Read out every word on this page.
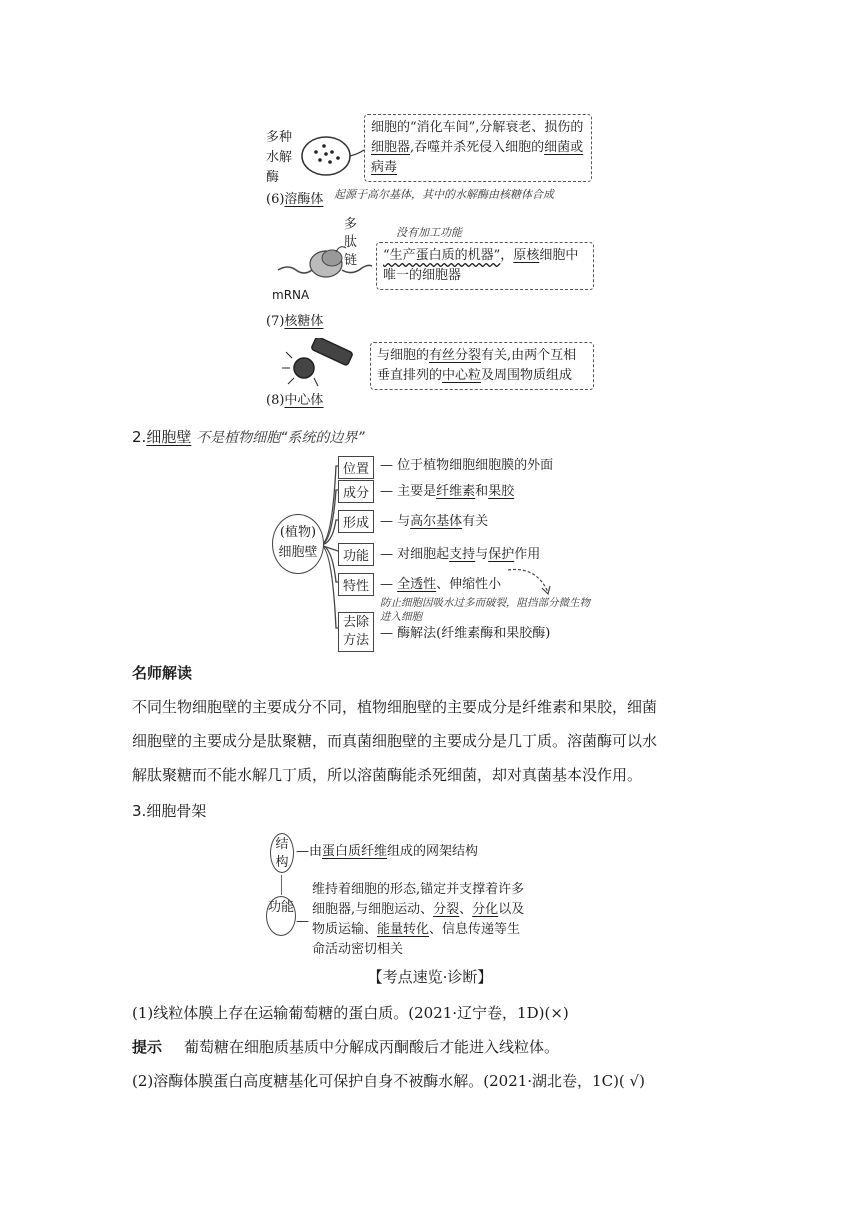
多种水解酶
(6)溶酶体
细胞的“消化车间”,分解衰老、损伤的细胞器,吞噬并杀死侵入细胞的细菌或病毒
起源于高尔基体，其中的水解酶由核糖体合成
多肽链
mRNA
(7)核糖体
没有加工功能
“生产蛋白质的机器”，原核细胞中唯一的细胞器
(8)中心体
与细胞的有丝分裂有关,由两个互相垂直排列的中心粒及周围物质组成
2.细胞壁 不是植物细胞“系统的边界”
(植物)
细胞壁
位置 — 位于植物细胞细胞膜的外面
成分 — 主要是纤维素和果胶
形成 — 与高尔基体有关
功能 — 对细胞起支持与保护作用
特性 — 全透性、伸缩性小
防止细胞因吸水过多而破裂，阻挡部分微生物进入细胞
去除方法 — 酶解法(纤维素酶和果胶酶)
名师解读
不同生物细胞壁的主要成分不同，植物细胞壁的主要成分是纤维素和果胶，细菌
细胞壁的主要成分是肽聚糖，而真菌细胞壁的主要成分是几丁质。溶菌酶可以水
解肽聚糖而不能水解几丁质，所以溶菌酶能杀死细菌，却对真菌基本没作用。
3.细胞骨架
结构
—由蛋白质纤维组成的网架结构
功能
—
维持着细胞的形态,锚定并支撑着许多细胞器,与细胞运动、分裂、分化以及物质运输、能量转化、信息传递等生命活动密切相关
【考点速览·诊断】
(1)线粒体膜上存在运输葡萄糖的蛋白质。(2021·辽宁卷，1D)(×)
提示 葡萄糖在细胞质基质中分解成丙酮酸后才能进入线粒体。
(2)溶酶体膜蛋白高度糖基化可保护自身不被酶水解。(2021·湖北卷，1C)( √)
